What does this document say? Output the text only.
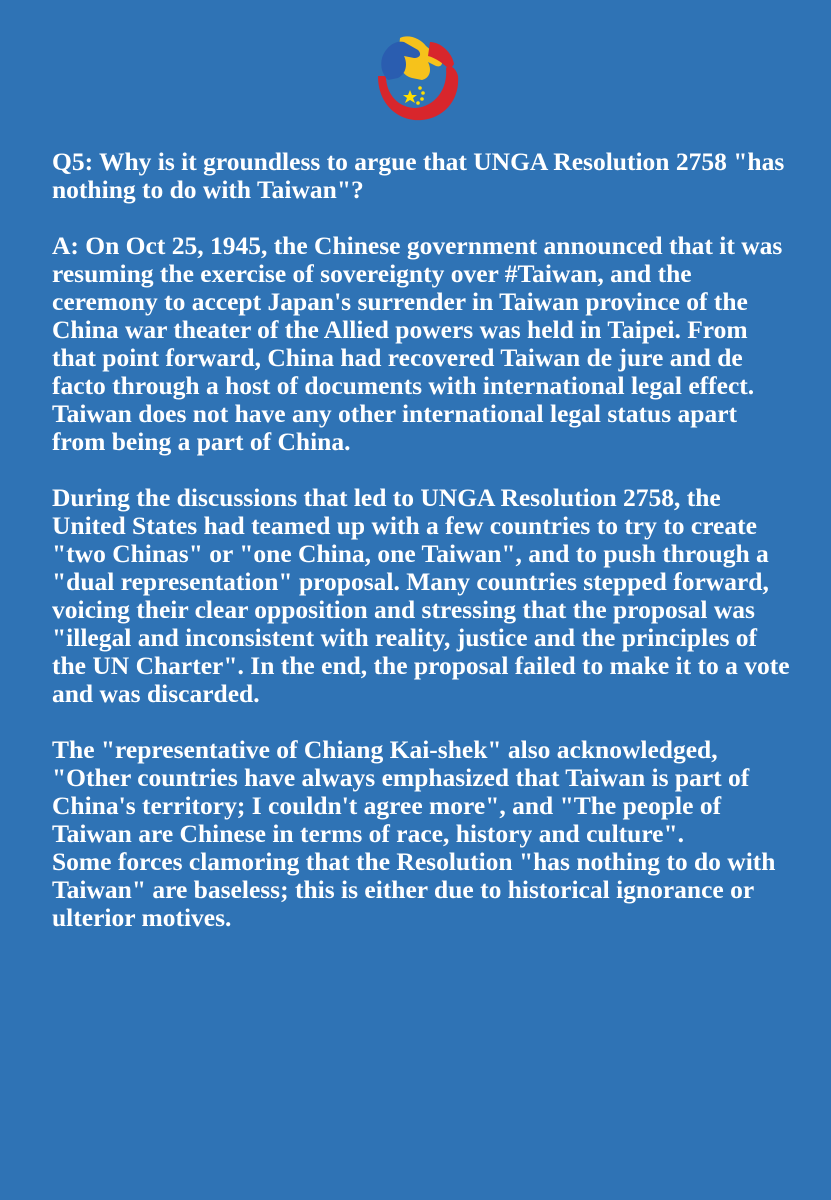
Q5: Why is it groundless to argue that UNGA Resolution 2758 "has nothing to do with Taiwan"?

A: On Oct 25, 1945, the Chinese government announced that it was resuming the exercise of sovereignty over #Taiwan, and the ceremony to accept Japan's surrender in Taiwan province of the China war theater of the Allied powers was held in Taipei. From that point forward, China had recovered Taiwan de jure and de facto through a host of documents with international legal effect. Taiwan does not have any other international legal status apart from being a part of China.

During the discussions that led to UNGA Resolution 2758, the United States had teamed up with a few countries to try to create "two Chinas" or "one China, one Taiwan", and to push through a "dual representation" proposal. Many countries stepped forward, voicing their clear opposition and stressing that the proposal was "illegal and inconsistent with reality, justice and the principles of the UN Charter". In the end, the proposal failed to make it to a vote and was discarded.

The "representative of Chiang Kai-shek" also acknowledged, "Other countries have always emphasized that Taiwan is part of China's territory; I couldn't agree more", and "The people of Taiwan are Chinese in terms of race, history and culture".

Some forces clamoring that the Resolution "has nothing to do with Taiwan" are baseless; this is either due to historical ignorance or ulterior motives.
